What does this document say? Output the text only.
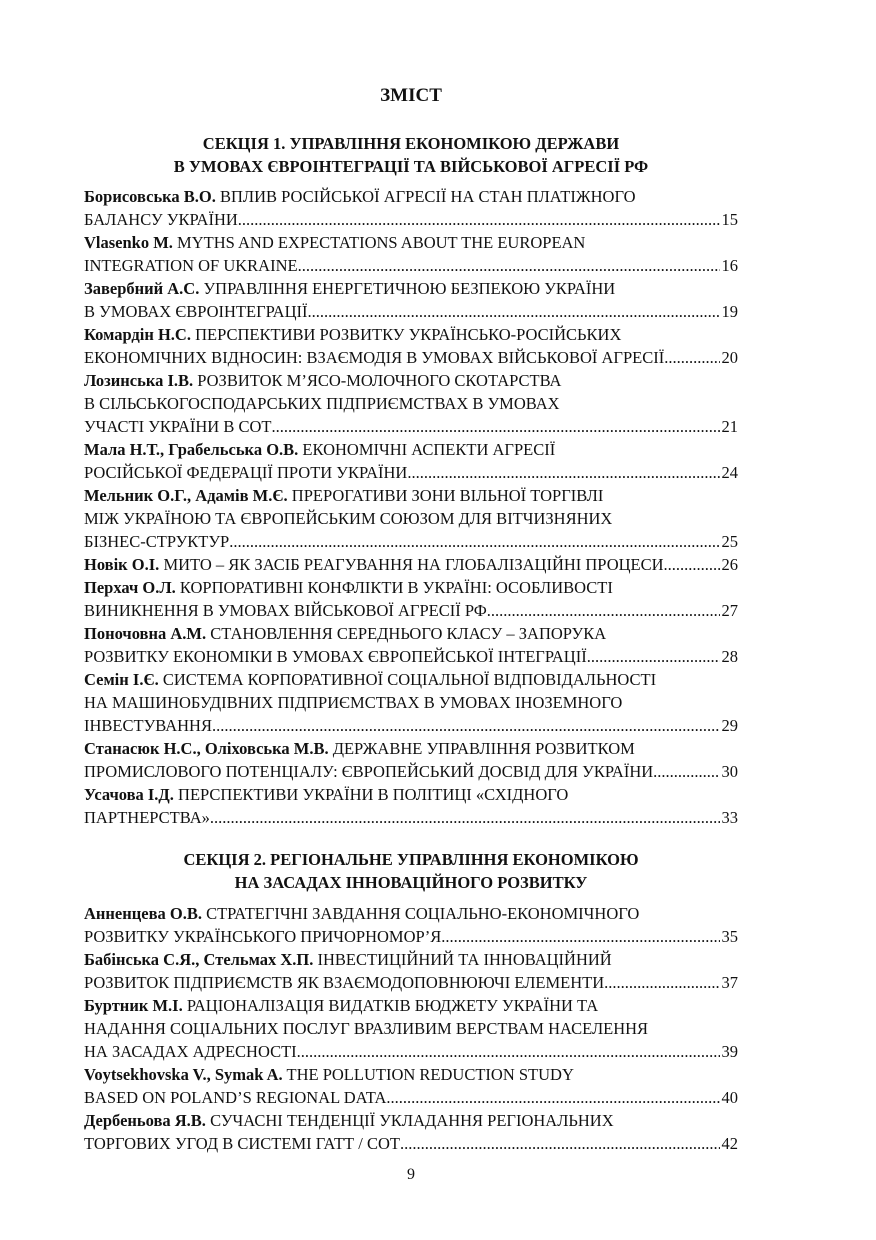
ЗМІСТ
СЕКЦІЯ 1. УПРАВЛІННЯ ЕКОНОМІКОЮ ДЕРЖАВИ
В УМОВАХ ЄВРОІНТЕГРАЦІЇ ТА ВІЙСЬКОВОЇ АГРЕСІЇ РФ
Борисовська В.О. ВПЛИВ РОСІЙСЬКОЇ АГРЕСІЇ НА СТАН ПЛАТІЖНОГО
БАЛАНСУ УКРАЇНИ .....	15
Vlasenko M. MYTHS AND EXPECTATIONS ABOUT THE EUROPEAN
INTEGRATION OF UKRAINE .....	16
Завербний А.С. УПРАВЛІННЯ ЕНЕРГЕТИЧНОЮ БЕЗПЕКОЮ УКРАЇНИ
В УМОВАХ ЄВРОІНТЕГРАЦІЇ .....	19
Комардін Н.С. ПЕРСПЕКТИВИ РОЗВИТКУ УКРАЇНСЬКО-РОСІЙСЬКИХ
ЕКОНОМІЧНИХ ВІДНОСИН: ВЗАЄМОДІЯ В УМОВАХ ВІЙСЬКОВОЇ АГРЕСІЇ .....	20
Лозинська І.В. РОЗВИТОК М’ЯСО-МОЛОЧНОГО СКОТАРСТВА
В СІЛЬСЬКОГОСПОДАРСЬКИХ ПІДПРИЄМСТВАХ В УМОВАХ
УЧАСТІ УКРАЇНИ В СОТ .....	21
Мала Н.Т., Грабельська О.В. ЕКОНОМІЧНІ АСПЕКТИ АГРЕСІЇ
РОСІЙСЬКОЇ ФЕДЕРАЦІЇ ПРОТИ УКРАЇНИ .....	24
Мельник О.Г., Адамів М.Є. ПРЕРОГАТИВИ ЗОНИ ВІЛЬНОЇ ТОРГІВЛІ
МІЖ УКРАЇНОЮ ТА ЄВРОПЕЙСЬКИМ СОЮЗОМ ДЛЯ ВІТЧИЗНЯНИХ
БІЗНЕС-СТРУКТУР .....	25
Новік О.І. МИТО – ЯК ЗАСІБ РЕАГУВАННЯ НА ГЛОБАЛІЗАЦІЙНІ ПРОЦЕСИ .....	26
Перхач О.Л. КОРПОРАТИВНІ КОНФЛІКТИ В УКРАЇНІ: ОСОБЛИВОСТІ
ВИНИКНЕННЯ В УМОВАХ ВІЙСЬКОВОЇ АГРЕСІЇ РФ .....	27
Поночовна А.М. СТАНОВЛЕННЯ СЕРЕДНЬОГО КЛАСУ – ЗАПОРУКА
РОЗВИТКУ ЕКОНОМІКИ В УМОВАХ ЄВРОПЕЙСЬКОЇ ІНТЕГРАЦІЇ .....	28
Семін І.Є. СИСТЕМА КОРПОРАТИВНОЇ СОЦІАЛЬНОЇ ВІДПОВІДАЛЬНОСТІ
НА МАШИНОБУДІВНИХ ПІДПРИЄМСТВАХ В УМОВАХ ІНОЗЕМНОГО
ІНВЕСТУВАННЯ .....	29
Станасюк Н.С., Оліховська М.В. ДЕРЖАВНЕ УПРАВЛІННЯ РОЗВИТКОМ
ПРОМИСЛОВОГО ПОТЕНЦІАЛУ: ЄВРОПЕЙСЬКИЙ ДОСВІД ДЛЯ УКРАЇНИ .....	30
Усачова І.Д. ПЕРСПЕКТИВИ УКРАЇНИ В ПОЛІТИЦІ «СХІДНОГО
ПАРТНЕРСТВА» .....	33
СЕКЦІЯ 2. РЕГІОНАЛЬНЕ УПРАВЛІННЯ ЕКОНОМІКОЮ
НА ЗАСАДАХ ІННОВАЦІЙНОГО РОЗВИТКУ
Анненцева О.В. СТРАТЕГІЧНІ ЗАВДАННЯ СОЦІАЛЬНО-ЕКОНОМІЧНОГО
РОЗВИТКУ УКРАЇНСЬКОГО ПРИЧОРНОМОР’Я .....	35
Бабінська С.Я., Стельмах Х.П. ІНВЕСТИЦІЙНИЙ ТА ІННОВАЦІЙНИЙ
РОЗВИТОК ПІДПРИЄМСТВ ЯК ВЗАЄМОДОПОВНЮЮЧІ ЕЛЕМЕНТИ .....	37
Буртник М.І. РАЦІОНАЛІЗАЦІЯ ВИДАТКІВ БЮДЖЕТУ УКРАЇНИ ТА
НАДАННЯ СОЦІАЛЬНИХ ПОСЛУГ ВРАЗЛИВИМ ВЕРСТВАМ НАСЕЛЕННЯ
НА ЗАСАДАХ АДРЕСНОСТІ .....	39
Voytsekhovska V., Symak A. THE POLLUTION REDUCTION STUDY
BASED ON POLAND’S REGIONAL DATA .....	40
Дербеньова Я.В. СУЧАСНІ ТЕНДЕНЦІЇ УКЛАДАННЯ РЕГІОНАЛЬНИХ
ТОРГОВИХ УГОД В СИСТЕМІ ГАТТ / СОТ .....	42
9
